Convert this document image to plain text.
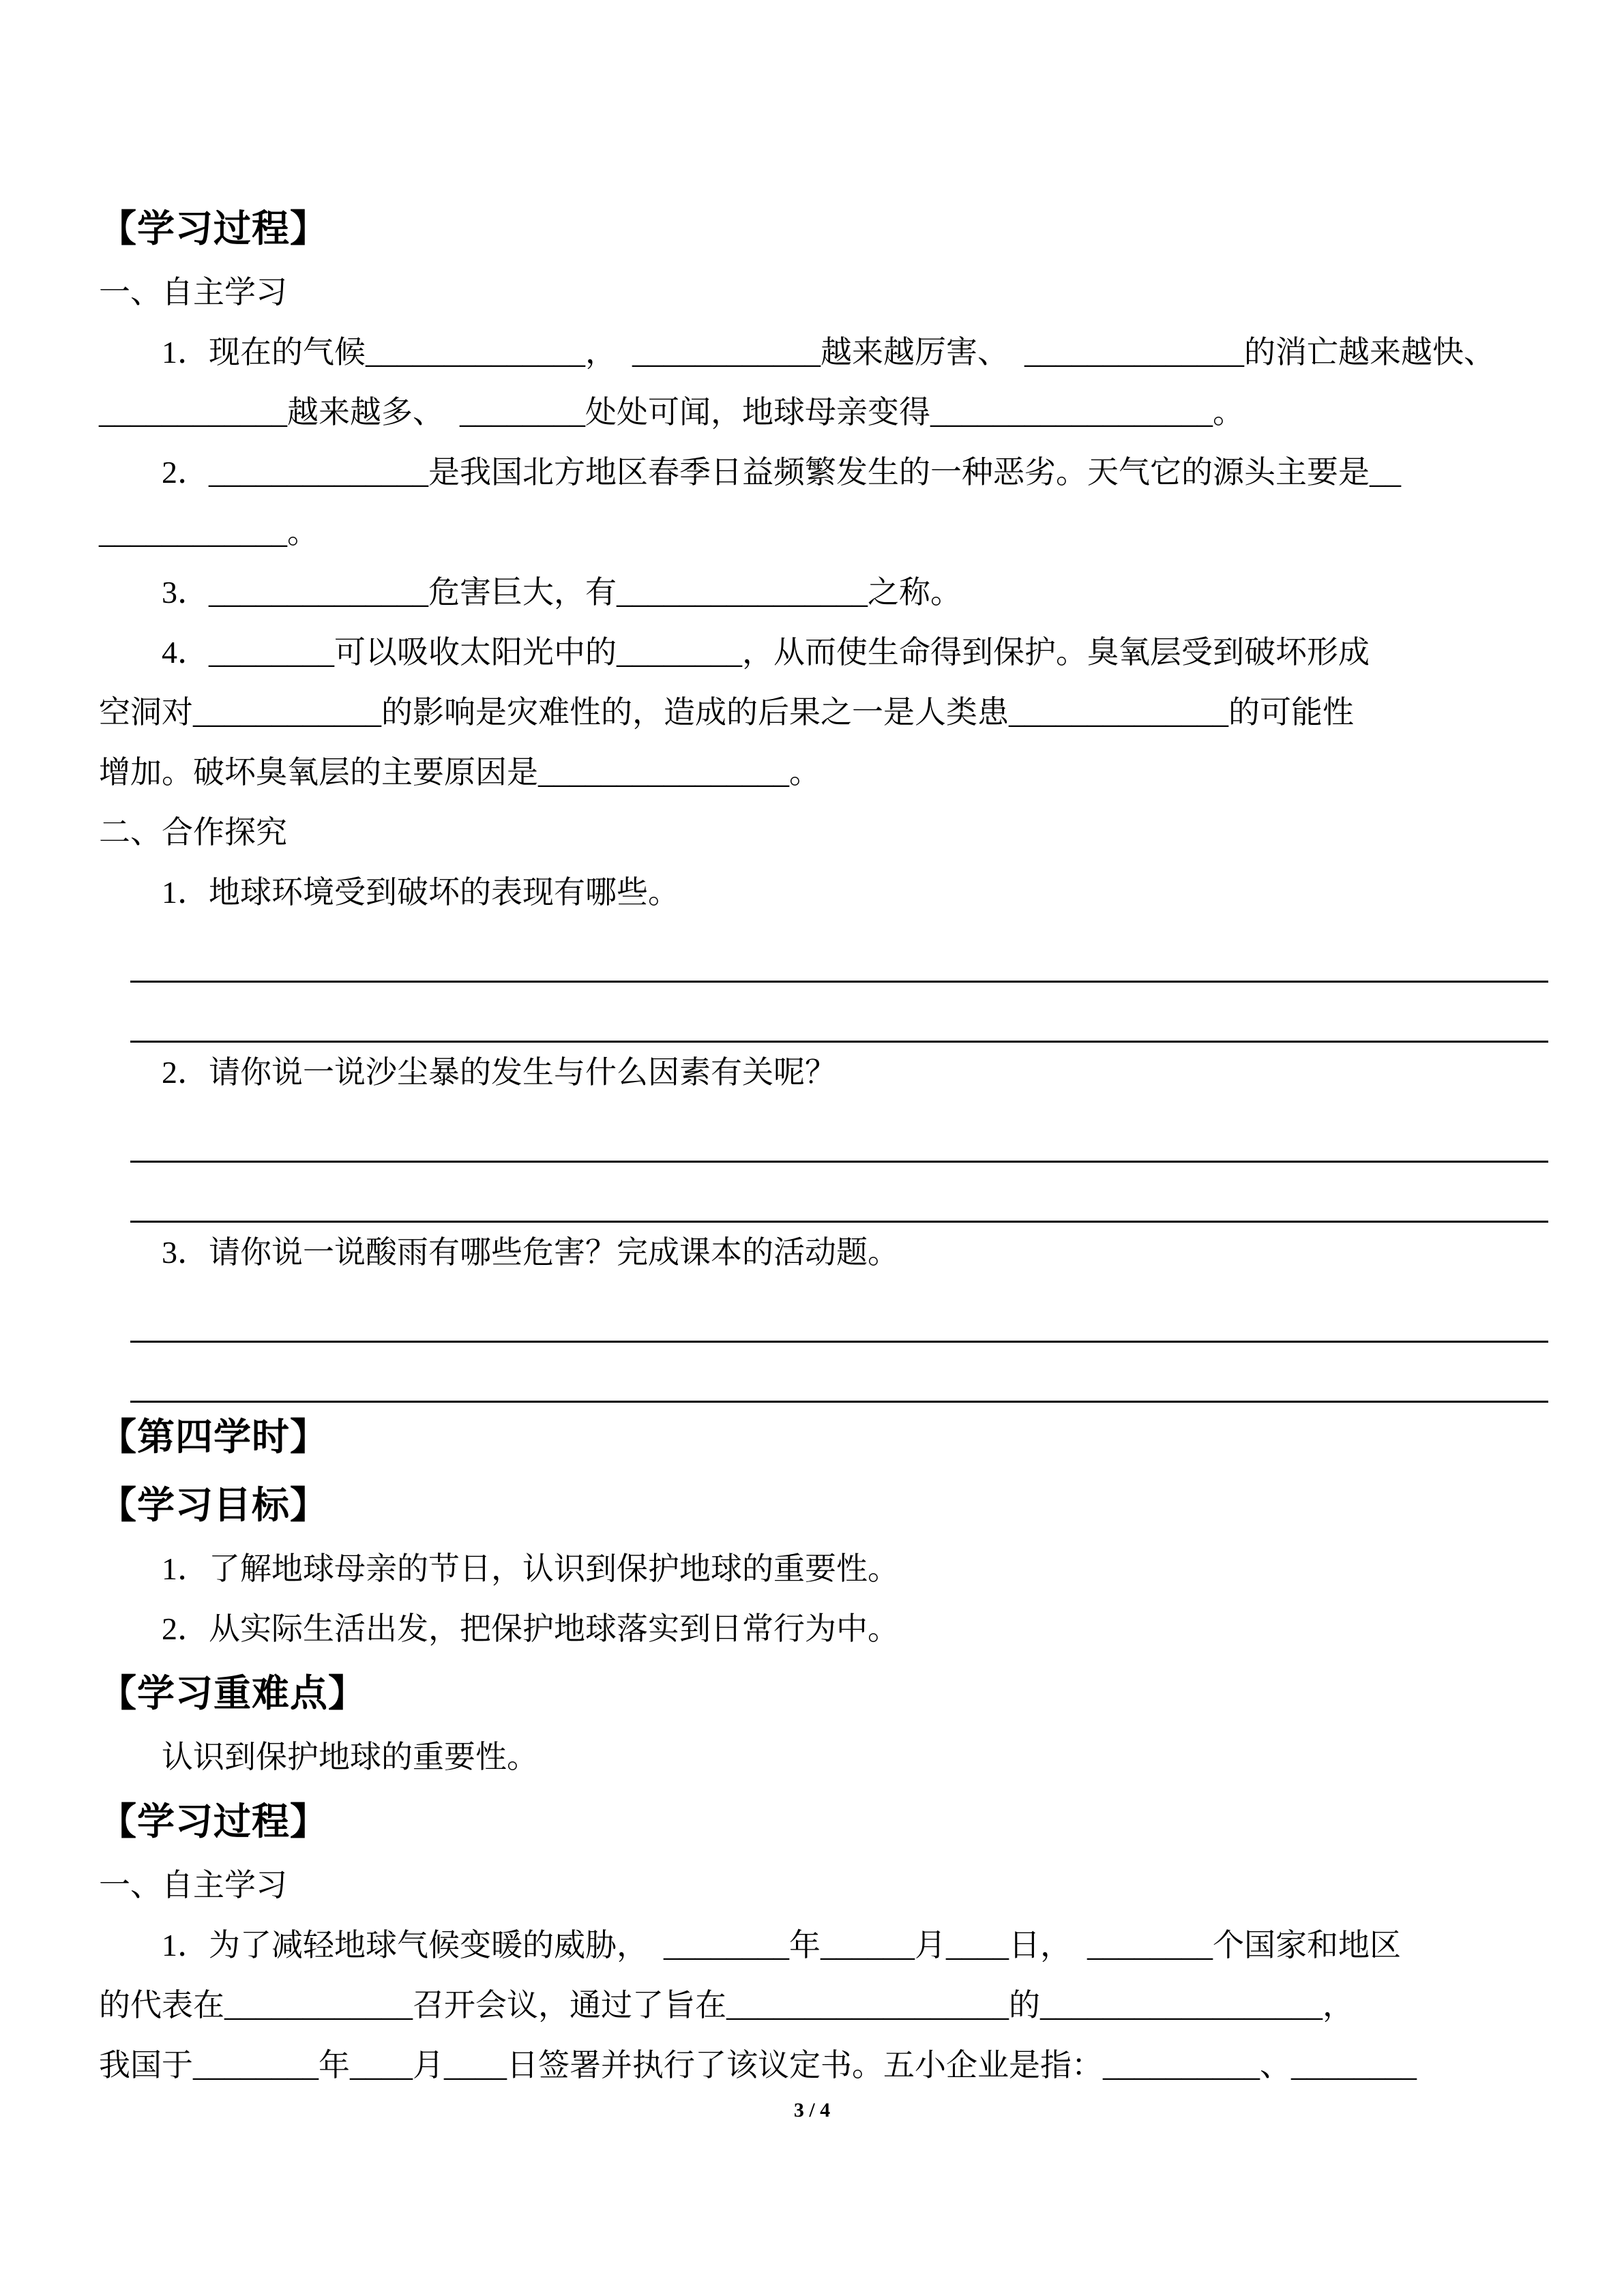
【学习过程】
一、自主学习
1．现在的气候______________，　____________越来越厉害、　______________的消亡越来越快、
____________越来越多、　________处处可闻，地球母亲变得__________________。
2．______________是我国北方地区春季日益频繁发生的一种恶劣。天气它的源头主要是__
____________。
3．______________危害巨大，有________________之称。
4．________可以吸收太阳光中的________，从而使生命得到保护。臭氧层受到破坏形成
空洞对____________的影响是灾难性的，造成的后果之一是人类患______________的可能性
增加。破坏臭氧层的主要原因是________________。
二、合作探究
1．地球环境受到破坏的表现有哪些。
2．请你说一说沙尘暴的发生与什么因素有关呢？
3．请你说一说酸雨有哪些危害？完成课本的活动题。
【第四学时】
【学习目标】
1．了解地球母亲的节日，认识到保护地球的重要性。
2．从实际生活出发，把保护地球落实到日常行为中。
【学习重难点】
认识到保护地球的重要性。
【学习过程】
一、自主学习
1．为了减轻地球气候变暖的威胁，　________年______月____日，　________个国家和地区
的代表在____________召开会议，通过了旨在__________________的__________________，
我国于________年____月____日签署并执行了该议定书。五小企业是指：__________、________
3 / 4
